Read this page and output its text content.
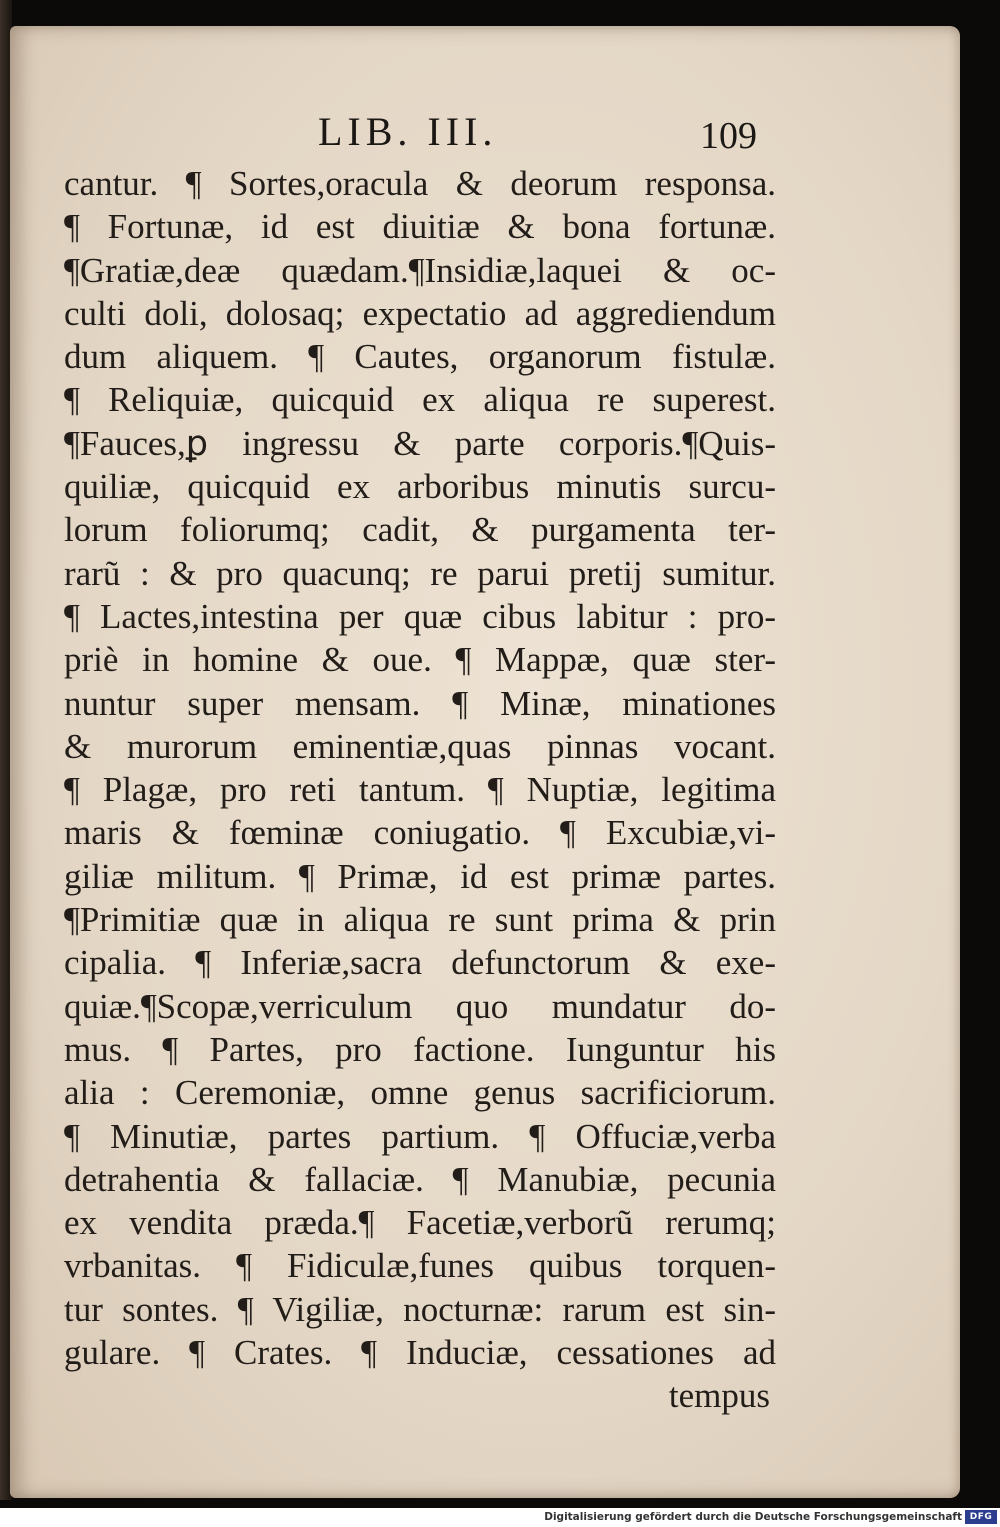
LIB. III.	109
cantur. ¶ Sortes,oracula & deorum responsa.
¶ Fortunæ, id est diuitiæ & bona fortunæ.
¶Gratiæ,deæ quædam.¶Insidiæ,laquei & oc-
culti doli, dolosaq; expectatio ad aggrediendum
dum aliquem. ¶ Cautes, organorum fistulæ.
¶ Reliquiæ, quicquid ex aliqua re superest.
¶Fauces,ꝑ ingressu & parte corporis.¶Quis-
quiliæ, quicquid ex arboribus minutis surcu-
lorum foliorumq; cadit, & purgamenta ter-
rarũ : & pro quacunq; re parui pretij sumitur.
¶ Lactes,intestina per quæ cibus labitur : pro-
priè in homine & oue. ¶ Mappæ, quæ ster-
nuntur super mensam. ¶ Minæ, minationes
& murorum eminentiæ,quas pinnas vocant.
¶ Plagæ, pro reti tantum. ¶ Nuptiæ, legitima
maris & fœminæ coniugatio. ¶ Excubiæ,vi-
giliæ militum. ¶ Primæ, id est primæ partes.
¶Primitiæ quæ in aliqua re sunt prima & prin
cipalia. ¶ Inferiæ,sacra defunctorum & exe-
quiæ.¶Scopæ,verriculum quo mundatur do-
mus. ¶ Partes, pro factione. Iunguntur his
alia : Ceremoniæ, omne genus sacrificiorum.
¶ Minutiæ, partes partium. ¶ Offuciæ,verba
detrahentia & fallaciæ. ¶ Manubiæ, pecunia
ex vendita præda.¶ Facetiæ,verborũ rerumq;
vrbanitas. ¶ Fidiculæ,funes quibus torquen-
tur sontes. ¶ Vigiliæ, nocturnæ: rarum est sin-
gulare. ¶ Crates. ¶ Induciæ, cessationes ad
tempus
Digitalisierung gefördert durch die Deutsche Forschungsgemeinschaft DFG
